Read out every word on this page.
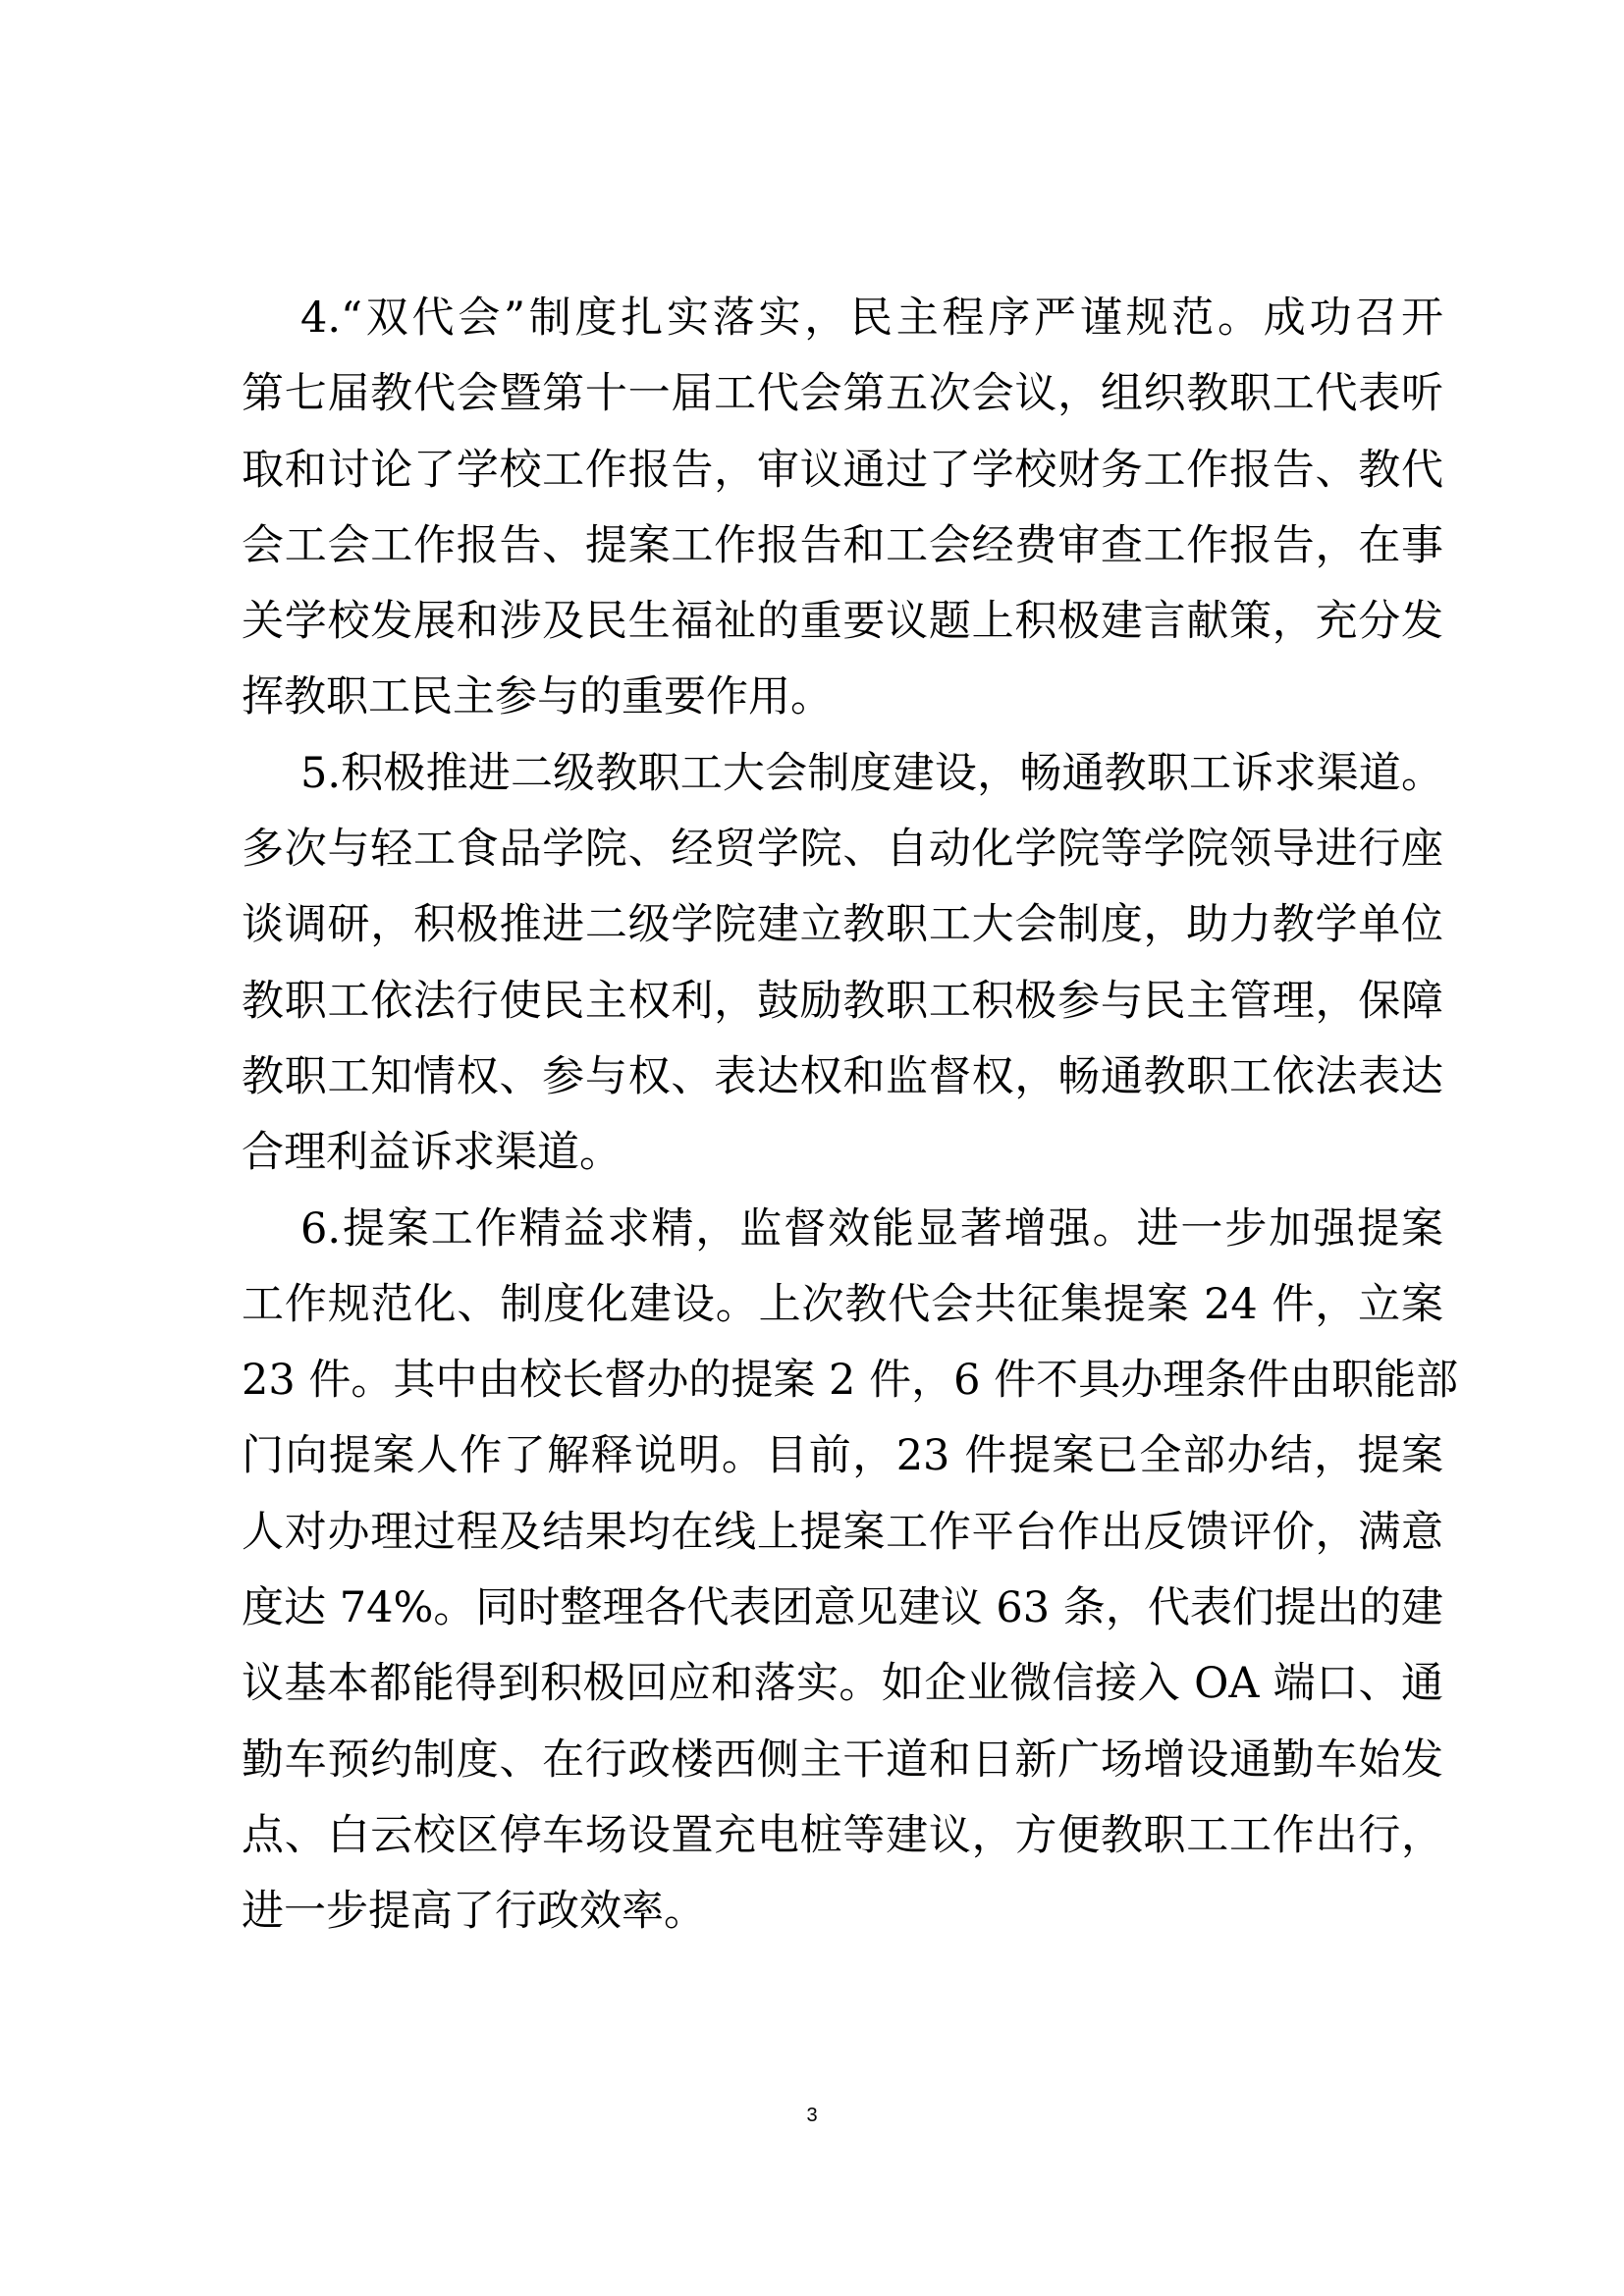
4.“双代会”制度扎实落实，民主程序严谨规范。成功召开
第七届教代会暨第十一届工代会第五次会议，组织教职工代表听
取和讨论了学校工作报告，审议通过了学校财务工作报告、教代
会工会工作报告、提案工作报告和工会经费审查工作报告，在事
关学校发展和涉及民生福祉的重要议题上积极建言献策，充分发
挥教职工民主参与的重要作用。
5.积极推进二级教职工大会制度建设，畅通教职工诉求渠道。
多次与轻工食品学院、经贸学院、自动化学院等学院领导进行座
谈调研，积极推进二级学院建立教职工大会制度，助力教学单位
教职工依法行使民主权利，鼓励教职工积极参与民主管理，保障
教职工知情权、参与权、表达权和监督权，畅通教职工依法表达
合理利益诉求渠道。
6.提案工作精益求精，监督效能显著增强。进一步加强提案
工作规范化、制度化建设。上次教代会共征集提案 24 件，立案
23 件。其中由校长督办的提案 2 件，6 件不具办理条件由职能部
门向提案人作了解释说明。目前，23 件提案已全部办结，提案
人对办理过程及结果均在线上提案工作平台作出反馈评价，满意
度达 74%。同时整理各代表团意见建议 63 条，代表们提出的建
议基本都能得到积极回应和落实。如企业微信接入 OA 端口、通
勤车预约制度、在行政楼西侧主干道和日新广场增设通勤车始发
点、白云校区停车场设置充电桩等建议，方便教职工工作出行，
进一步提高了行政效率。
3
